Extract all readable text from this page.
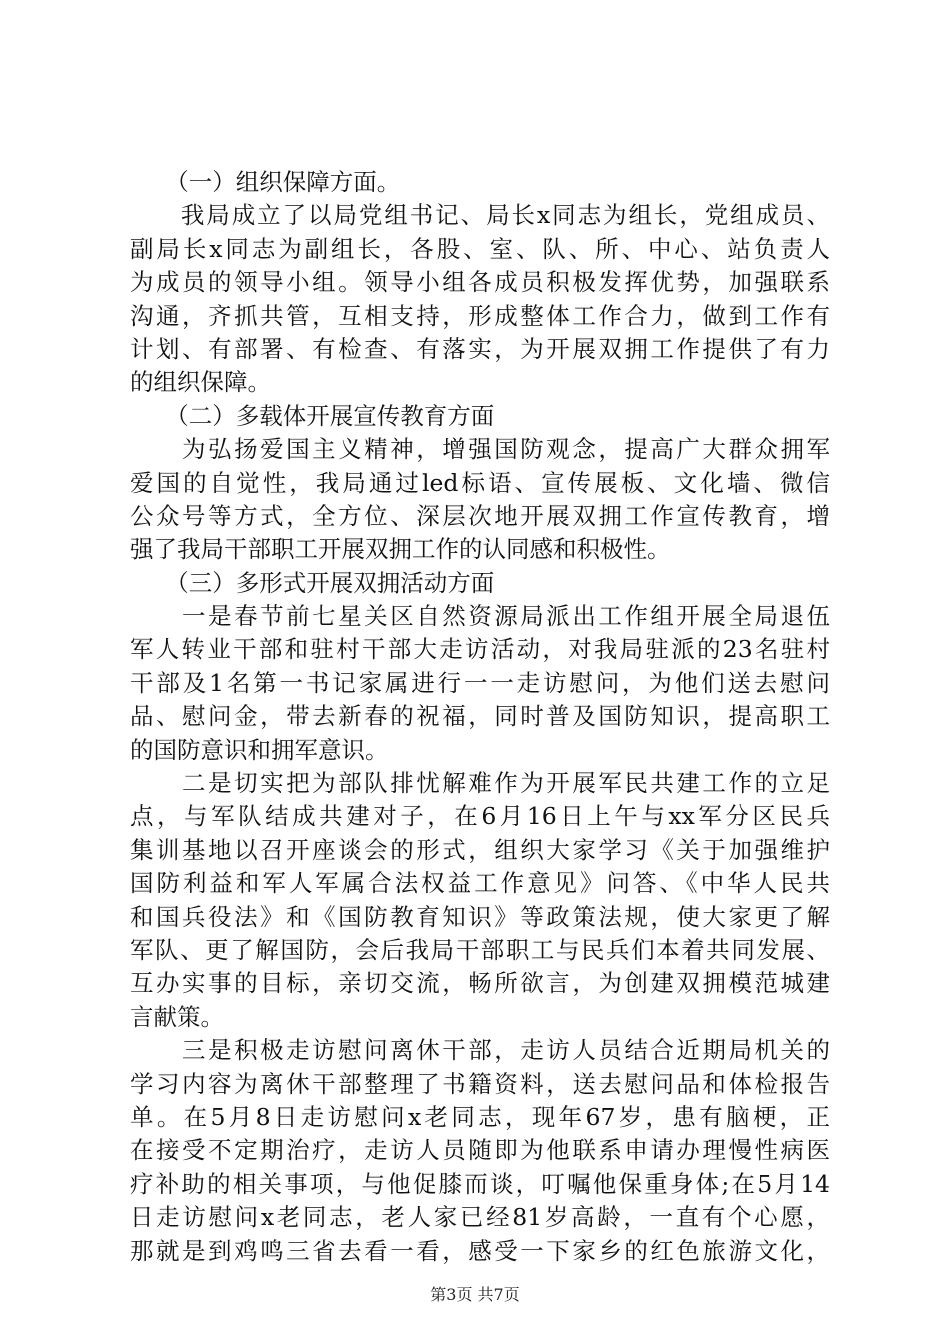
　　（一）组织保障方面。
　　我局成立了以局党组书记、局长x同志为组长，党组成员、
副局长x同志为副组长，各股、室、队、所、中心、站负责人
为成员的领导小组。领导小组各成员积极发挥优势，加强联系
沟通，齐抓共管，互相支持，形成整体工作合力，做到工作有
计划、有部署、有检查、有落实，为开展双拥工作提供了有力
的组织保障。
　　（二）多载体开展宣传教育方面
　　为弘扬爱国主义精神，增强国防观念，提高广大群众拥军
爱国的自觉性，我局通过led标语、宣传展板、文化墙、微信
公众号等方式，全方位、深层次地开展双拥工作宣传教育，增
强了我局干部职工开展双拥工作的认同感和积极性。
　　（三）多形式开展双拥活动方面
　　一是春节前七星关区自然资源局派出工作组开展全局退伍
军人转业干部和驻村干部大走访活动，对我局驻派的23名驻村
干部及1名第一书记家属进行一一走访慰问，为他们送去慰问
品、慰问金，带去新春的祝福，同时普及国防知识，提高职工
的国防意识和拥军意识。
　　二是切实把为部队排忧解难作为开展军民共建工作的立足
点，与军队结成共建对子，在6月16日上午与xx军分区民兵
集训基地以召开座谈会的形式，组织大家学习《关于加强维护
国防利益和军人军属合法权益工作意见》问答、《中华人民共
和国兵役法》和《国防教育知识》等政策法规，使大家更了解
军队、更了解国防，会后我局干部职工与民兵们本着共同发展、
互办实事的目标，亲切交流，畅所欲言，为创建双拥模范城建
言献策。
　　三是积极走访慰问离休干部，走访人员结合近期局机关的
学习内容为离休干部整理了书籍资料，送去慰问品和体检报告
单。在5月8日走访慰问x老同志，现年67岁，患有脑梗，正
在接受不定期治疗，走访人员随即为他联系申请办理慢性病医
疗补助的相关事项，与他促膝而谈，叮嘱他保重身体;在5月14
日走访慰问x老同志，老人家已经81岁高龄，一直有个心愿，
那就是到鸡鸣三省去看一看，感受一下家乡的红色旅游文化，
第3页 共7页
